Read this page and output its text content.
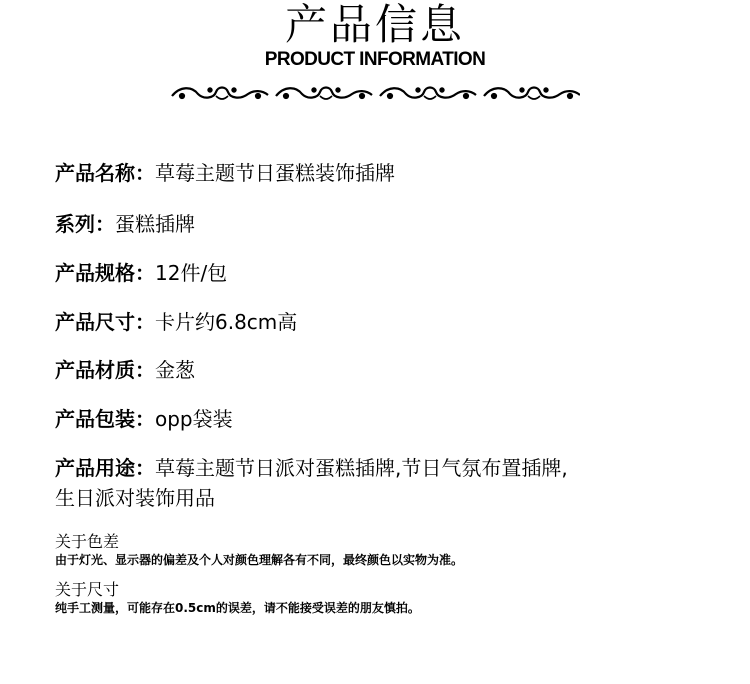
产品信息
PRODUCT INFORMATION
产品名称：草莓主题节日蛋糕装饰插牌
系列：蛋糕插牌
产品规格：12件/包
产品尺寸：卡片约6.8cm高
产品材质：金葱
产品包装：opp袋装
产品用途：草莓主题节日派对蛋糕插牌,节日气氛布置插牌,
生日派对装饰用品
关于色差
由于灯光、显示器的偏差及个人对颜色理解各有不同，最终颜色以实物为准。
关于尺寸
纯手工测量，可能存在0.5cm的误差，请不能接受误差的朋友慎拍。
